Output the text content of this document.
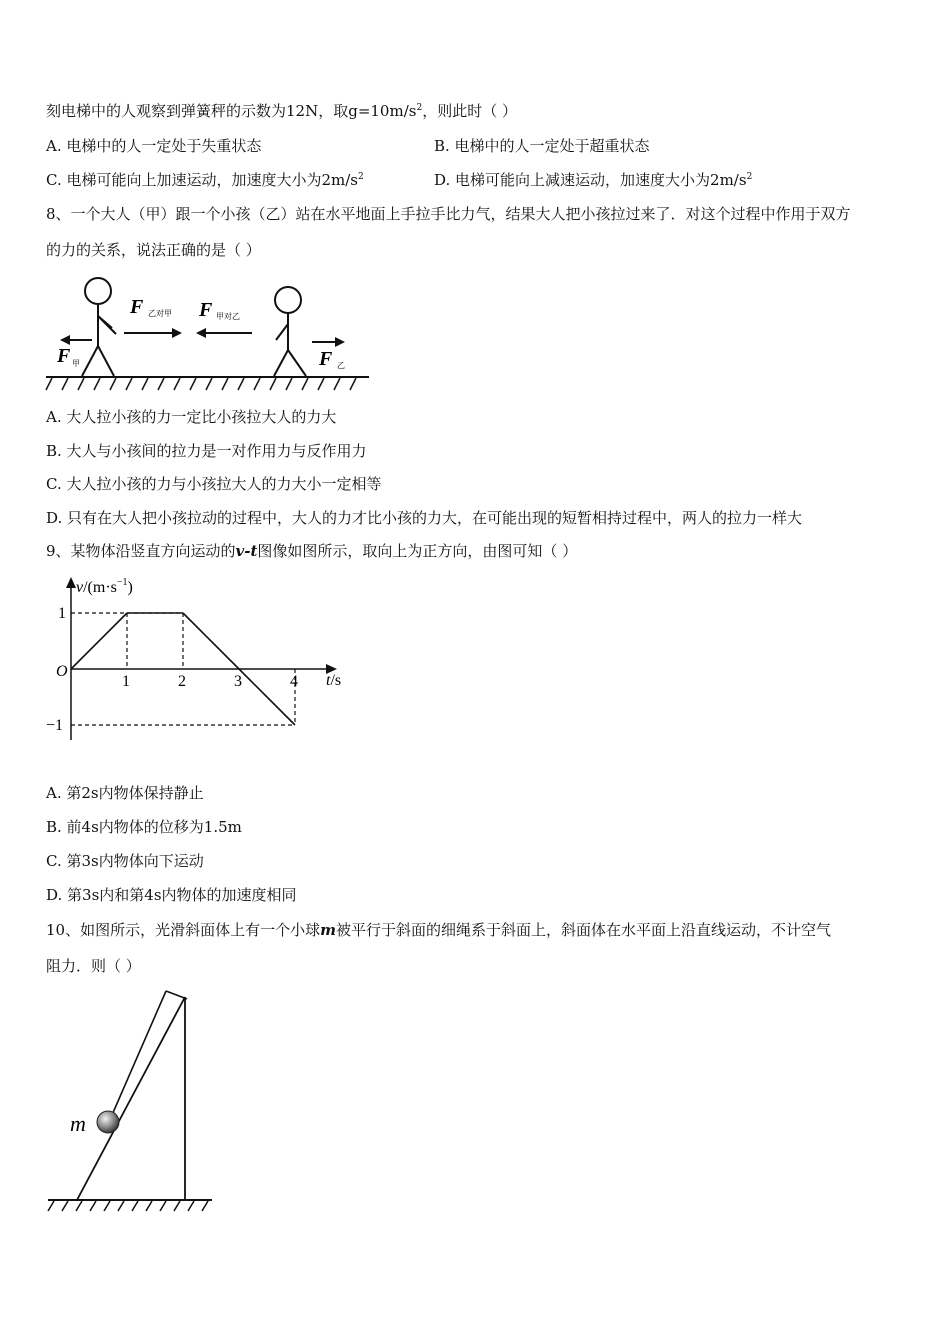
刻电梯中的人观察到弹簧秤的示数为12N，取$g=10m/s^2$，则此时（ ）
A. 电梯中的人一定处于失重状态	B. 电梯中的人一定处于超重状态
C. 电梯可能向上加速运动，加速度大小为$2m/s^2$	D. 电梯可能向上减速运动，加速度大小为$2m/s^2$
8、一个大人（甲）跟一个小孩（乙）站在水平地面上手拉手比力气，结果大人把小孩拉过来了．对这个过程中作用于双方
的力的关系，说法正确的是（ ）
F 甲
F 乙对甲 F 甲对乙
F 乙
A. 大人拉小孩的力一定比小孩拉大人的力大
B. 大人与小孩间的拉力是一对作用力与反作用力
C. 大人拉小孩的力与小孩拉大人的力大小一定相等
D. 只有在大人把小孩拉动的过程中，大人的力才比小孩的力大，在可能出现的短暂相持过程中，两人的拉力一样大
9、某物体沿竖直方向运动的v-t图像如图所示，取向上为正方向，由图可知（ ）
$v/(m\cdot s^{-1})$
t/s
O
1	2	3	4
1
−1
A. 第2s内物体保持静止
B. 前4s内物体的位移为1.5m
C. 第3s内物体向下运动
D. 第3s内和第4s内物体的加速度相同
10、如图所示，光滑斜面体上有一个小球m被平行于斜面的细绳系于斜面上，斜面体在水平面上沿直线运动，不计空气
阻力．则（ ）
m
